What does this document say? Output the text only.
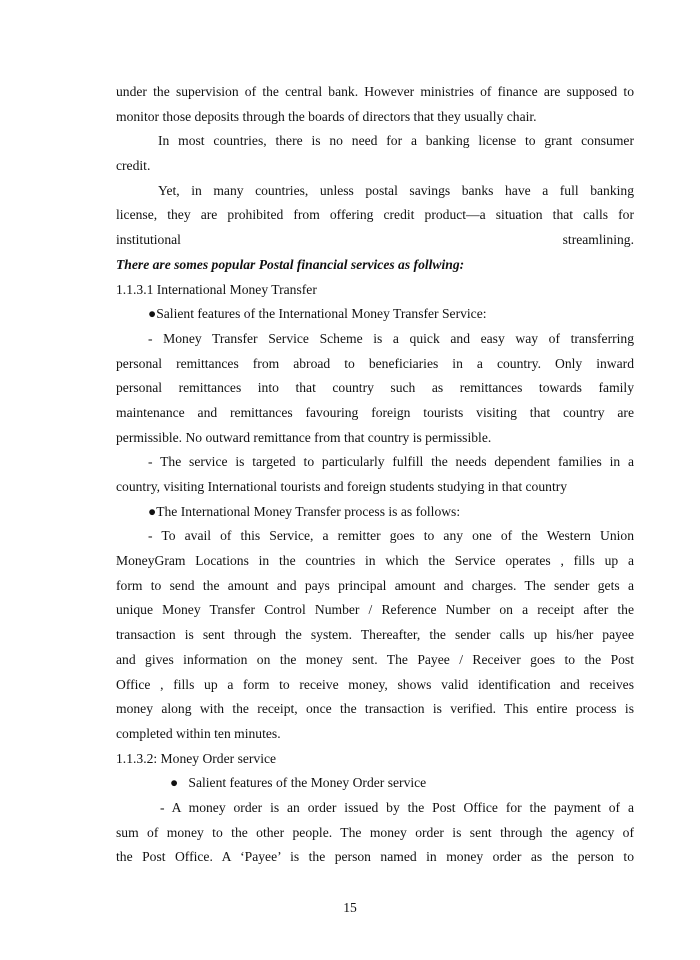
under the supervision of the central bank. However ministries of finance are supposed to
monitor those deposits through the boards of directors that they usually chair.
In most countries, there is no need for a banking license to grant consumer
credit.
Yet, in many countries, unless postal savings banks have a full banking
license, they are prohibited from offering credit product—a situation that calls for
institutional	streamlining.
There are somes popular Postal financial services as follwing:
1.1.3.1 International Money Transfer
●Salient features of the International Money Transfer Service:
- Money Transfer Service Scheme is a quick and easy way of transferring
personal remittances from abroad to beneficiaries in a country. Only inward
personal remittances into that country such as remittances towards family
maintenance and remittances favouring foreign tourists visiting that country are
permissible. No outward remittance from that country is permissible.
- The service is targeted to particularly fulfill the needs dependent families in a
country, visiting International tourists and foreign students studying in that country
●The International Money Transfer process is as follows:
- To avail of this Service, a remitter goes to any one of the Western Union
MoneyGram Locations in the countries in which the Service operates , fills up a
form to send the amount and pays principal amount and charges. The sender gets a
unique Money Transfer Control Number / Reference Number on a receipt after the
transaction is sent through the system. Thereafter, the sender calls up his/her payee
and gives information on the money sent. The Payee / Receiver goes to the Post
Office , fills up a form to receive money, shows valid identification and receives
money along with the receipt, once the transaction is verified. This entire process is
completed within ten minutes.
1.1.3.2: Money Order service
●   Salient features of the Money Order service
- A money order is an order issued by the Post Office for the payment of a
sum of money to the other people. The money order is sent through the agency of
the Post Office. A ‘Payee’ is the person named in money order as the person to
15
